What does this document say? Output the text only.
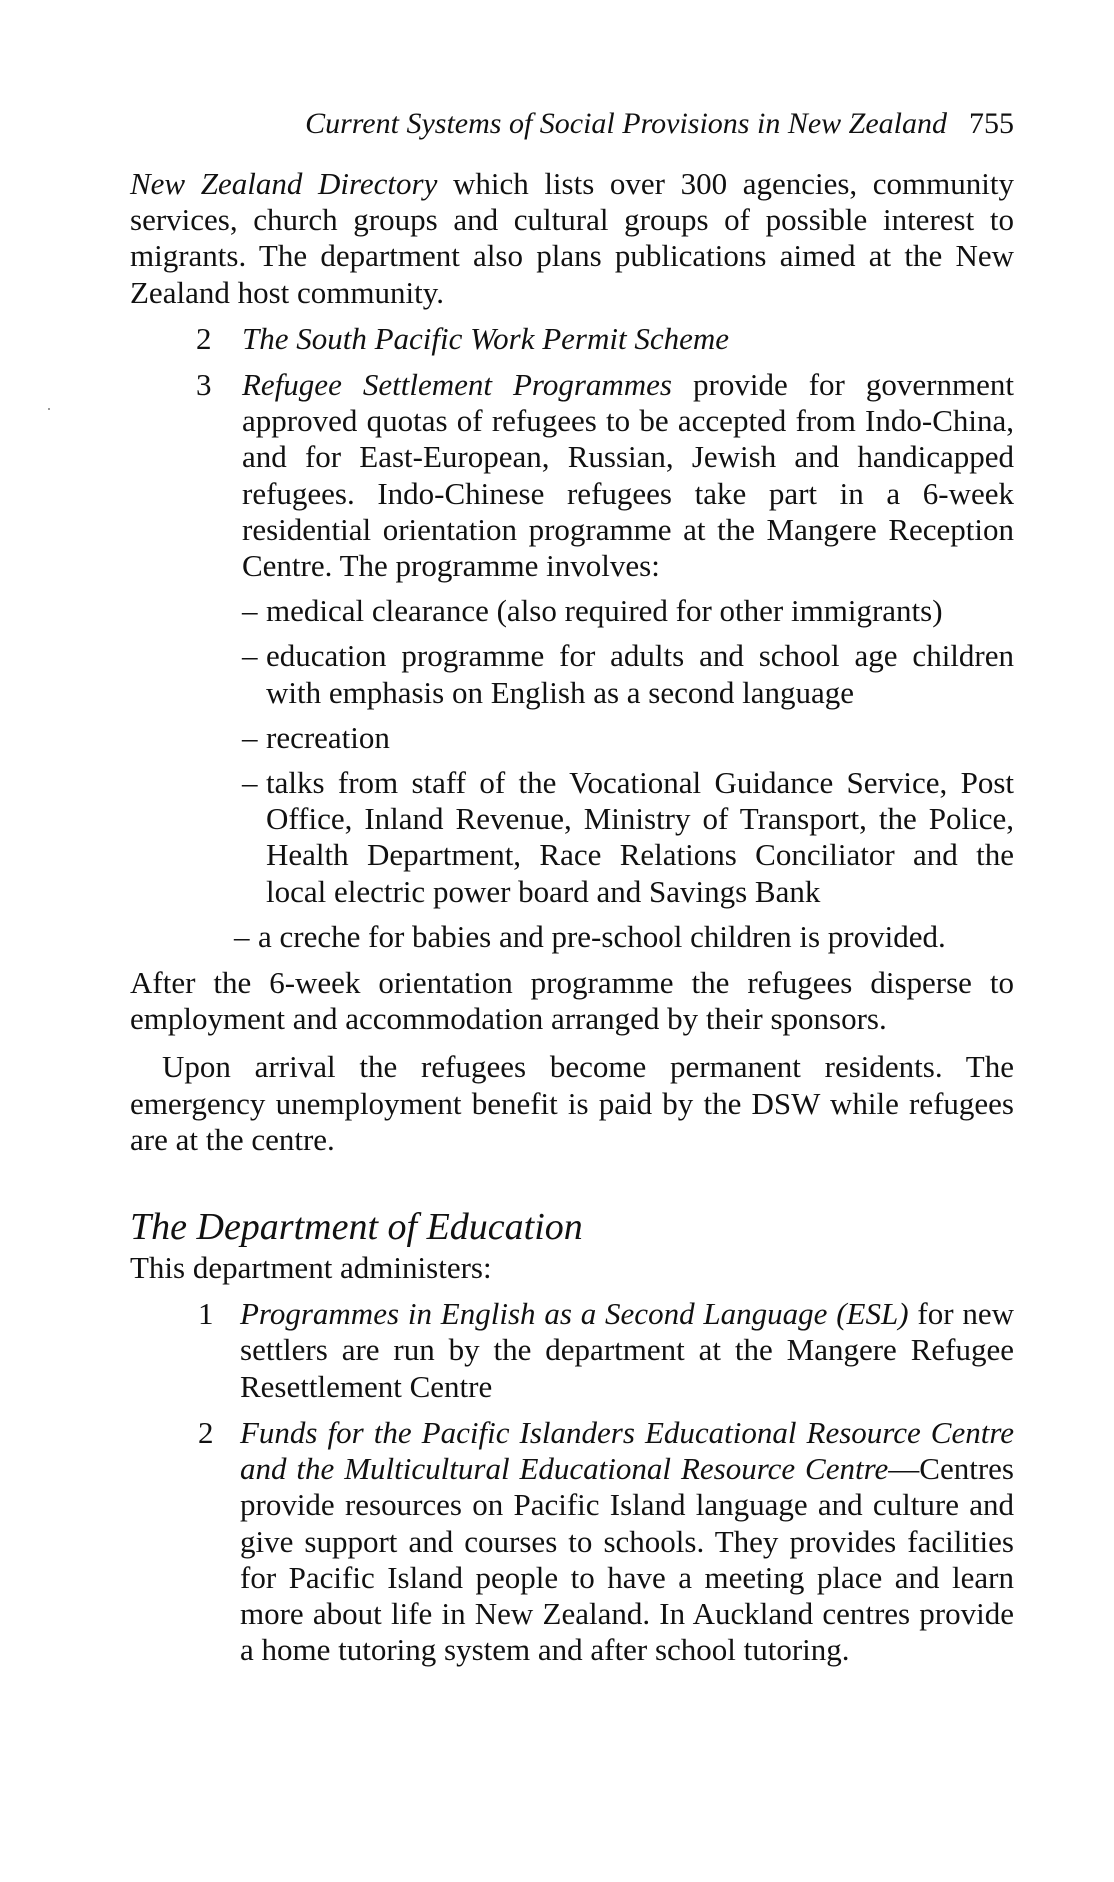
Current Systems of Social Provisions in New Zealand 755

New Zealand Directory which lists over 300 agencies, community services, church groups and cultural groups of possible interest to migrants. The department also plans publications aimed at the New Zealand host community.

2 The South Pacific Work Permit Scheme
3 Refugee Settlement Programmes provide for government approved quotas of refugees to be accepted from Indo-China, and for East-European, Russian, Jewish and handicapped refugees. Indo-Chinese refugees take part in a 6-week residential orientation programme at the Mangere Reception Centre. The programme involves:
– medical clearance (also required for other immigrants)
– education programme for adults and school age children with emphasis on English as a second language
– recreation
– talks from staff of the Vocational Guidance Service, Post Office, Inland Revenue, Ministry of Transport, the Police, Health Department, Race Relations Conciliator and the local electric power board and Savings Bank
– a creche for babies and pre-school children is provided.

After the 6-week orientation programme the refugees disperse to employment and accommodation arranged by their sponsors.

Upon arrival the refugees become permanent residents. The emergency unemployment benefit is paid by the DSW while refugees are at the centre.

The Department of Education

This department administers:

1 Programmes in English as a Second Language (ESL) for new settlers are run by the department at the Mangere Refugee Resettlement Centre
2 Funds for the Pacific Islanders Educational Resource Centre and the Multicultural Educational Resource Centre—Centres provide resources on Pacific Island language and culture and give support and courses to schools. They provides facilities for Pacific Island people to have a meeting place and learn more about life in New Zealand. In Auckland centres provide a home tutoring system and after school tutoring.
